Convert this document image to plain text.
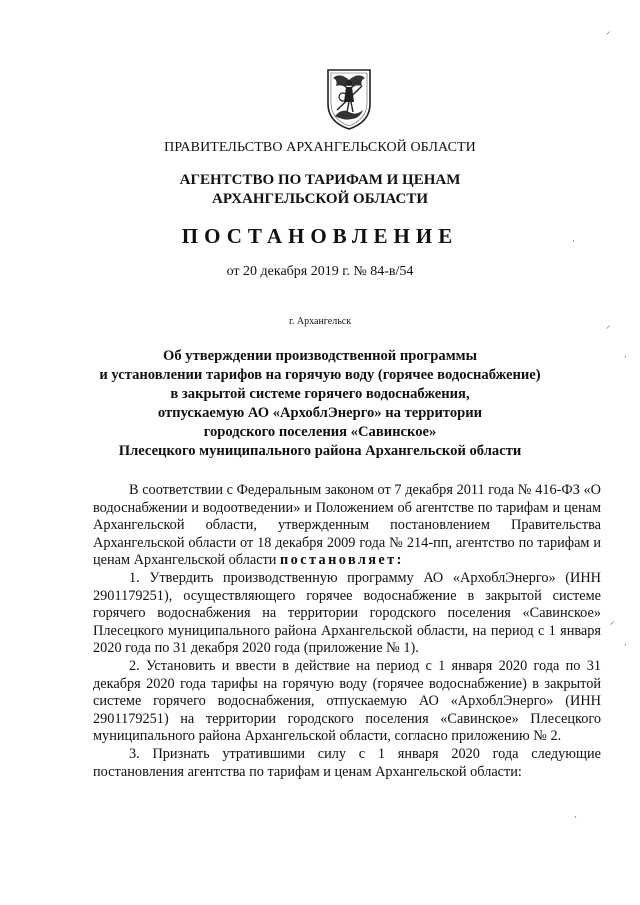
ПРАВИТЕЛЬСТВО АРХАНГЕЛЬСКОЙ ОБЛАСТИ
АГЕНТСТВО ПО ТАРИФАМ И ЦЕНАМ
АРХАНГЕЛЬСКОЙ ОБЛАСТИ
ПОСТАНОВЛЕНИЕ
от 20 декабря 2019 г. № 84-в/54
г. Архангельск
Об утверждении производственной программы
и установлении тарифов на горячую воду (горячее водоснабжение)
в закрытой системе горячего водоснабжения,
отпускаемую АО «АрхоблЭнерго» на территории
городского поселения «Савинское»
Плесецкого муниципального района Архангельской области

В соответствии с Федеральным законом от 7 декабря 2011 года № 416-ФЗ «О водоснабжении и водоотведении» и Положением об агентстве по тарифам и ценам Архангельской области, утвержденным постановлением Правительства Архангельской области от 18 декабря 2009 года № 214-пп, агентство по тарифам и ценам Архангельской области постановляет:

1. Утвердить производственную программу АО «АрхоблЭнерго» (ИНН 2901179251), осуществляющего горячее водоснабжение в закрытой системе горячего водоснабжения на территории городского поселения «Савинское» Плесецкого муниципального района Архангельской области, на период с 1 января 2020 года по 31 декабря 2020 года (приложение № 1).

2. Установить и ввести в действие на период с 1 января 2020 года по 31 декабря 2020 года тарифы на горячую воду (горячее водоснабжение) в закрытой системе горячего водоснабжения, отпускаемую АО «АрхоблЭнерго» (ИНН 2901179251) на территории городского поселения «Савинское» Плесецкого муниципального района Архангельской области, согласно приложению № 2.

3. Признать утратившими силу с 1 января 2020 года следующие постановления агентства по тарифам и ценам Архангельской области:

⸝
⸝
·
⸝
·
·
·
